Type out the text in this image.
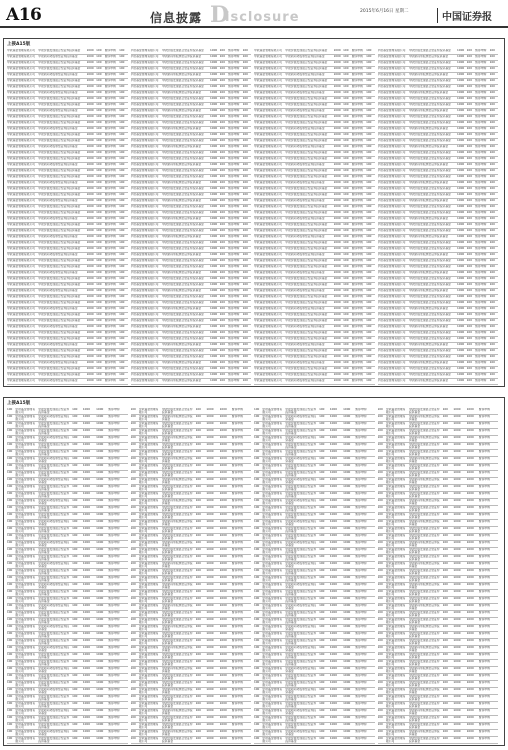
A16	信息披露 D
isclosure	2015年6月16日 星期二
中国证券报
上接A15版
中欧基金管理有限公司	中欧价值发现混合型证券投资基金	1000 100	暂停申购	100
中欧基金管理有限公司	中欧新趋势股票型证券投资基金	1000 100	暂停申购	100
中欧基金管理有限公司	中欧价值发现混合型证券投资基金	1000 100	暂停申购	100
中欧基金管理有限公司	中欧价值发现混合型证券投资基金	1000 100	暂停申购	100
中欧基金管理有限公司	中欧新趋势股票型证券投资基金	1000 100	暂停申购	100
中欧基金管理有限公司	中欧价值发现混合型证券投资基金	1000 100	暂停申购	100
中欧基金管理有限公司	中欧价值发现混合型证券投资基金	1000 100	暂停申购	100
中欧基金管理有限公司	中欧新趋势股票型证券投资基金	1000 100	暂停申购	100
中欧基金管理有限公司	中欧价值发现混合型证券投资基金	1000 100	暂停申购	100
中欧基金管理有限公司	中欧价值发现混合型证券投资基金	1000 100	暂停申购	100
中欧基金管理有限公司	中欧新趋势股票型证券投资基金	1000 100	暂停申购	100
中欧基金管理有限公司	中欧价值发现混合型证券投资基金	1000 100	暂停申购	100
中欧基金管理有限公司	中欧价值发现混合型证券投资基金	1000 100	暂停申购	100
中欧基金管理有限公司	中欧新趋势股票型证券投资基金	1000 100	暂停申购	100
中欧基金管理有限公司	中欧价值发现混合型证券投资基金	1000 100	暂停申购	100
中欧基金管理有限公司	中欧价值发现混合型证券投资基金	1000 100	暂停申购	100
中欧基金管理有限公司	中欧新趋势股票型证券投资基金	1000 100	暂停申购	100
中欧基金管理有限公司	中欧价值发现混合型证券投资基金	1000 100	暂停申购	100
中欧基金管理有限公司	中欧价值发现混合型证券投资基金	1000 100	暂停申购	100
中欧基金管理有限公司	中欧新趋势股票型证券投资基金	1000 100	暂停申购	100
中欧基金管理有限公司	中欧价值发现混合型证券投资基金	1000 100	暂停申购	100
中欧基金管理有限公司	中欧价值发现混合型证券投资基金	1000 100	暂停申购	100
中欧基金管理有限公司	中欧新趋势股票型证券投资基金	1000 100	暂停申购	100
中欧基金管理有限公司	中欧价值发现混合型证券投资基金	1000 100	暂停申购	100
中欧基金管理有限公司	中欧价值发现混合型证券投资基金	1000 100	暂停申购	100
中欧基金管理有限公司	中欧新趋势股票型证券投资基金	1000 100	暂停申购	100
中欧基金管理有限公司	中欧价值发现混合型证券投资基金	1000 100	暂停申购	100
中欧基金管理有限公司	中欧价值发现混合型证券投资基金	1000 100	暂停申购	100
中欧基金管理有限公司	中欧新趋势股票型证券投资基金	1000 100	暂停申购	100
中欧基金管理有限公司	中欧价值发现混合型证券投资基金	1000 100	暂停申购	100
中欧基金管理有限公司	中欧价值发现混合型证券投资基金	1000 100	暂停申购	100
中欧基金管理有限公司	中欧新趋势股票型证券投资基金	1000 100	暂停申购	100
中欧基金管理有限公司	中欧价值发现混合型证券投资基金	1000 100	暂停申购	100
中欧基金管理有限公司	中欧价值发现混合型证券投资基金	1000 100	暂停申购	100
中欧基金管理有限公司	中欧新趋势股票型证券投资基金	1000 100	暂停申购	100
中欧基金管理有限公司	中欧价值发现混合型证券投资基金	1000 100	暂停申购	100
中欧基金管理有限公司	中欧价值发现混合型证券投资基金	1000 100	暂停申购	100
中欧基金管理有限公司	中欧新趋势股票型证券投资基金	1000 100	暂停申购	100
中欧基金管理有限公司	中欧价值发现混合型证券投资基金	1000 100	暂停申购	100
中欧基金管理有限公司	中欧价值发现混合型证券投资基金	1000 100	暂停申购	100
中欧基金管理有限公司	中欧新趋势股票型证券投资基金	1000 100	暂停申购	100
中欧基金管理有限公司	中欧价值发现混合型证券投资基金	1000 100	暂停申购	100
中欧基金管理有限公司	中欧价值发现混合型证券投资基金	1000 100	暂停申购	100
中欧基金管理有限公司	中欧新趋势股票型证券投资基金	1000 100	暂停申购	100
中欧基金管理有限公司	中欧价值发现混合型证券投资基金	1000 100	暂停申购	100
中欧基金管理有限公司	中欧价值发现混合型证券投资基金	1000 100	暂停申购	100
中欧基金管理有限公司	中欧新趋势股票型证券投资基金	1000 100	暂停申购	100
中欧基金管理有限公司	中欧价值发现混合型证券投资基金	1000 100	暂停申购	100
中欧基金管理有限公司	中欧价值发现混合型证券投资基金	1000 100	暂停申购	100
中欧基金管理有限公司	中欧新趋势股票型证券投资基金	1000 100	暂停申购	100
中欧基金管理有限公司	中欧价值发现混合型证券投资基金	1000 100	暂停申购	100
中欧基金管理有限公司	中欧价值发现混合型证券投资基金	1000 100	暂停申购	100
中欧基金管理有限公司	中欧新趋势股票型证券投资基金	1000 100	暂停申购	100
中欧基金管理有限公司	中欧价值发现混合型证券投资基金	1000 100	暂停申购	100
中欧基金管理有限公司	中欧价值发现混合型证券投资基金	1000 100	暂停申购	100
中欧基金管理有限公司	中欧新趋势股票型证券投资基金	1000 100	暂停申购	100
中欧基金管理有限公司	中欧价值发现混合型证券投资基金	1000 100	暂停申购	100
中欧基金管理有限公司	中欧新趋势股票型证券投资基金	1000 100	暂停申购	100
中欧基金管理有限公司	中欧价值发现混合型证券投资基金	1000 100	暂停申购	100
中欧基金管理有限公司	中欧价值发现混合型证券投资基金	1000 100	暂停申购	100
中欧基金管理有限公司	中欧新趋势股票型证券投资基金	1000 100	暂停申购	100
中欧基金管理有限公司	中欧价值发现混合型证券投资基金	1000 100	暂停申购	100
中欧基金管理有限公司	中欧价值发现混合型证券投资基金	1000 100	暂停申购	100
中欧基金管理有限公司	中欧新趋势股票型证券投资基金	1000 100	暂停申购	100
中欧基金管理有限公司	中欧价值发现混合型证券投资基金	1000 100	暂停申购	100
中欧基金管理有限公司	中欧价值发现混合型证券投资基金	1000 100	暂停申购	100
中欧基金管理有限公司	中欧新趋势股票型证券投资基金	1000 100	暂停申购	100
中欧基金管理有限公司	中欧价值发现混合型证券投资基金	1000 100	暂停申购	100
中欧基金管理有限公司	中欧价值发现混合型证券投资基金	1000 100	暂停申购	100
中欧基金管理有限公司	中欧新趋势股票型证券投资基金	1000 100	暂停申购	100
中欧基金管理有限公司	中欧价值发现混合型证券投资基金	1000 100	暂停申购	100
中欧基金管理有限公司	中欧价值发现混合型证券投资基金	1000 100	暂停申购	100
中欧基金管理有限公司	中欧新趋势股票型证券投资基金	1000 100	暂停申购	100
中欧基金管理有限公司	中欧价值发现混合型证券投资基金	1000 100	暂停申购	100
中欧基金管理有限公司	中欧价值发现混合型证券投资基金	1000 100	暂停申购	100
中欧基金管理有限公司	中欧新趋势股票型证券投资基金	1000 100	暂停申购	100
中欧基金管理有限公司	中欧价值发现混合型证券投资基金	1000 100	暂停申购	100
中欧基金管理有限公司	中欧价值发现混合型证券投资基金	1000 100	暂停申购	100
中欧基金管理有限公司	中欧新趋势股票型证券投资基金	1000 100	暂停申购	100
中欧基金管理有限公司	中欧价值发现混合型证券投资基金	1000 100	暂停申购	100
中欧基金管理有限公司	中欧价值发现混合型证券投资基金	1000 100	暂停申购	100
中欧基金管理有限公司	中欧新趋势股票型证券投资基金	1000 100	暂停申购	100
中欧基金管理有限公司	中欧价值发现混合型证券投资基金	1000 100	暂停申购	100
中欧基金管理有限公司	中欧价值发现混合型证券投资基金	1000 100	暂停申购	100
中欧基金管理有限公司	中欧新趋势股票型证券投资基金	1000 100	暂停申购	100
中欧基金管理有限公司	中欧价值发现混合型证券投资基金	1000 100	暂停申购	100
中欧基金管理有限公司	中欧价值发现混合型证券投资基金	1000 100	暂停申购	100
中欧基金管理有限公司	中欧新趋势股票型证券投资基金	1000 100	暂停申购	100
中欧基金管理有限公司	中欧价值发现混合型证券投资基金	1000 100	暂停申购	100
中欧基金管理有限公司	中欧价值发现混合型证券投资基金	1000 100	暂停申购	100
中欧基金管理有限公司	中欧新趋势股票型证券投资基金	1000 100	暂停申购	100
中欧基金管理有限公司	中欧价值发现混合型证券投资基金	1000 100	暂停申购	100
中欧基金管理有限公司	中欧价值发现混合型证券投资基金	1000 100	暂停申购	100
中欧基金管理有限公司	中欧新趋势股票型证券投资基金	1000 100	暂停申购	100
中欧基金管理有限公司	中欧价值发现混合型证券投资基金	1000 100	暂停申购	100
中欧基金管理有限公司	中欧价值发现混合型证券投资基金	1000 100	暂停申购	100
中欧基金管理有限公司	中欧新趋势股票型证券投资基金	1000 100	暂停申购	100
中欧基金管理有限公司	中欧价值发现混合型证券投资基金	1000 100	暂停申购	100
中欧基金管理有限公司	中欧价值发现混合型证券投资基金	1000 100	暂停申购	100
中欧基金管理有限公司	中欧新趋势股票型证券投资基金	1000 100	暂停申购	100
中欧基金管理有限公司	中欧价值发现混合型证券投资基金	1000 100	暂停申购	100
中欧基金管理有限公司	中欧价值发现混合型证券投资基金	1000 100	暂停申购	100
中欧基金管理有限公司	中欧新趋势股票型证券投资基金	1000 100	暂停申购	100
中欧基金管理有限公司	中欧价值发现混合型证券投资基金	1000 100	暂停申购	100
中欧基金管理有限公司	中欧价值发现混合型证券投资基金	1000 100	暂停申购	100
中欧基金管理有限公司	中欧新趋势股票型证券投资基金	1000 100	暂停申购	100
中欧基金管理有限公司	中欧价值发现混合型证券投资基金	1000 100	暂停申购	100
中欧基金管理有限公司	中欧价值发现混合型证券投资基金	1000 100	暂停申购	100
中欧基金管理有限公司	中欧新趋势股票型证券投资基金	1000 100	暂停申购	100
中欧基金管理有限公司	中欧价值发现混合型证券投资基金	1000 100	暂停申购	100
中欧基金管理有限公司	中欧价值发现混合型证券投资基金	1000 100	暂停申购	100
中欧基金管理有限公司	中欧新趋势股票型证券投资基金	1000 100	暂停申购	100
中欧基金管理有限公司	中欧价值发现混合型证券投资基金	1000 100	暂停申购	100
中欧基金管理有限公司	中欧新趋势股票型证券投资基金	1000 100	暂停申购	100
中欧基金管理有限公司	中欧价值发现混合型证券投资基金	1000 100	暂停申购	100
中欧基金管理有限公司	中欧价值发现混合型证券投资基金	1000 100	暂停申购	100
中欧基金管理有限公司	中欧新趋势股票型证券投资基金	1000 100	暂停申购	100
中欧基金管理有限公司	中欧价值发现混合型证券投资基金	1000 100	暂停申购	100
中欧基金管理有限公司	中欧价值发现混合型证券投资基金	1000 100	暂停申购	100
中欧基金管理有限公司	中欧新趋势股票型证券投资基金	1000 100	暂停申购	100
中欧基金管理有限公司	中欧价值发现混合型证券投资基金	1000 100	暂停申购	100
中欧基金管理有限公司	中欧价值发现混合型证券投资基金	1000 100	暂停申购	100
中欧基金管理有限公司	中欧新趋势股票型证券投资基金	1000 100	暂停申购	100
中欧基金管理有限公司	中欧价值发现混合型证券投资基金	1000 100	暂停申购	100
中欧基金管理有限公司	中欧价值发现混合型证券投资基金	1000 100	暂停申购	100
中欧基金管理有限公司	中欧新趋势股票型证券投资基金	1000 100	暂停申购	100
中欧基金管理有限公司	中欧价值发现混合型证券投资基金	1000 100	暂停申购	100
中欧基金管理有限公司	中欧价值发现混合型证券投资基金	1000 100	暂停申购	100
中欧基金管理有限公司	中欧新趋势股票型证券投资基金	1000 100	暂停申购	100
中欧基金管理有限公司	中欧价值发现混合型证券投资基金	1000 100	暂停申购	100
中欧基金管理有限公司	中欧价值发现混合型证券投资基金	1000 100	暂停申购	100
中欧基金管理有限公司	中欧新趋势股票型证券投资基金	1000 100	暂停申购	100
中欧基金管理有限公司	中欧价值发现混合型证券投资基金	1000 100	暂停申购	100
中欧基金管理有限公司	中欧价值发现混合型证券投资基金	1000 100	暂停申购	100
中欧基金管理有限公司	中欧新趋势股票型证券投资基金	1000 100	暂停申购	100
中欧基金管理有限公司	中欧价值发现混合型证券投资基金	1000 100	暂停申购	100
中欧基金管理有限公司	中欧价值发现混合型证券投资基金	1000 100	暂停申购	100
中欧基金管理有限公司	中欧新趋势股票型证券投资基金	1000 100	暂停申购	100
中欧基金管理有限公司	中欧价值发现混合型证券投资基金	1000 100	暂停申购	100
中欧基金管理有限公司	中欧价值发现混合型证券投资基金	1000 100	暂停申购	100
中欧基金管理有限公司	中欧新趋势股票型证券投资基金	1000 100	暂停申购	100
中欧基金管理有限公司	中欧价值发现混合型证券投资基金	1000 100	暂停申购	100
中欧基金管理有限公司	中欧价值发现混合型证券投资基金	1000 100	暂停申购	100
中欧基金管理有限公司	中欧新趋势股票型证券投资基金	1000 100	暂停申购	100
中欧基金管理有限公司	中欧价值发现混合型证券投资基金	1000 100	暂停申购	100
中欧基金管理有限公司	中欧价值发现混合型证券投资基金	1000 100	暂停申购	100
中欧基金管理有限公司	中欧新趋势股票型证券投资基金	1000 100	暂停申购	100
中欧基金管理有限公司	中欧价值发现混合型证券投资基金	1000 100	暂停申购	100
中欧基金管理有限公司	中欧价值发现混合型证券投资基金	1000 100	暂停申购	100
中欧基金管理有限公司	中欧新趋势股票型证券投资基金	1000 100	暂停申购	100
中欧基金管理有限公司	中欧价值发现混合型证券投资基金	1000 100	暂停申购	100
中欧基金管理有限公司	中欧价值发现混合型证券投资基金	1000 100	暂停申购	100
中欧基金管理有限公司	中欧新趋势股票型证券投资基金	1000 100	暂停申购	100
中欧基金管理有限公司	中欧价值发现混合型证券投资基金	1000 100	暂停申购	100
中欧基金管理有限公司	中欧价值发现混合型证券投资基金	1000 100	暂停申购	100
中欧基金管理有限公司	中欧新趋势股票型证券投资基金	1000 100	暂停申购	100
中欧基金管理有限公司	中欧价值发现混合型证券投资基金	1000 100	暂停申购	100
中欧基金管理有限公司	中欧价值发现混合型证券投资基金	1000 100	暂停申购	100
中欧基金管理有限公司	中欧新趋势股票型证券投资基金	1000 100	暂停申购	100
中欧基金管理有限公司	中欧价值发现混合型证券投资基金	1000 100	暂停申购	100
中欧基金管理有限公司	中欧价值发现混合型证券投资基金	1000 100	暂停申购	100
中欧基金管理有限公司	中欧新趋势股票型证券投资基金	1000 100	暂停申购	100
中欧基金管理有限公司	中欧价值发现混合型证券投资基金	1000 100	暂停申购	100
中欧基金管理有限公司	中欧价值发现混合型证券投资基金	1000 100	暂停申购	100
中欧基金管理有限公司	中欧新趋势股票型证券投资基金	1000 100	暂停申购	100
中欧基金管理有限公司	中欧价值发现混合型证券投资基金	1000 100	暂停申购	100
中欧基金管理有限公司	中欧价值发现混合型证券投资基金	1000 100	暂停申购	100
中欧基金管理有限公司	中欧新趋势股票型证券投资基金	1000 100	暂停申购	100
中欧基金管理有限公司	中欧价值发现混合型证券投资基金	1000 100	暂停申购	100
中欧基金管理有限公司	中欧新趋势股票型证券投资基金	1000 100	暂停申购	100
中欧基金管理有限公司	中欧价值发现混合型证券投资基金	1000 100	暂停申购	100
中欧基金管理有限公司	中欧价值发现混合型证券投资基金	1000 100	暂停申购	100
中欧基金管理有限公司	中欧新趋势股票型证券投资基金	1000 100	暂停申购	100
中欧基金管理有限公司	中欧价值发现混合型证券投资基金	1000 100	暂停申购	100
中欧基金管理有限公司	中欧价值发现混合型证券投资基金	1000 100	暂停申购	100
中欧基金管理有限公司	中欧新趋势股票型证券投资基金	1000 100	暂停申购	100
中欧基金管理有限公司	中欧价值发现混合型证券投资基金	1000 100	暂停申购	100
中欧基金管理有限公司	中欧价值发现混合型证券投资基金	1000 100	暂停申购	100
中欧基金管理有限公司	中欧新趋势股票型证券投资基金	1000 100	暂停申购	100
中欧基金管理有限公司	中欧价值发现混合型证券投资基金	1000 100	暂停申购	100
中欧基金管理有限公司	中欧价值发现混合型证券投资基金	1000 100	暂停申购	100
中欧基金管理有限公司	中欧新趋势股票型证券投资基金	1000 100	暂停申购	100
中欧基金管理有限公司	中欧价值发现混合型证券投资基金	1000 100	暂停申购	100
中欧基金管理有限公司	中欧价值发现混合型证券投资基金	1000 100	暂停申购	100
中欧基金管理有限公司	中欧新趋势股票型证券投资基金	1000 100	暂停申购	100
中欧基金管理有限公司	中欧价值发现混合型证券投资基金	1000 100	暂停申购	100
中欧基金管理有限公司	中欧价值发现混合型证券投资基金	1000 100	暂停申购	100
中欧基金管理有限公司	中欧新趋势股票型证券投资基金	1000 100	暂停申购	100
中欧基金管理有限公司	中欧价值发现混合型证券投资基金	1000 100	暂停申购	100
中欧基金管理有限公司	中欧价值发现混合型证券投资基金	1000 100	暂停申购	100
中欧基金管理有限公司	中欧新趋势股票型证券投资基金	1000 100	暂停申购	100
中欧基金管理有限公司	中欧价值发现混合型证券投资基金	1000 100	暂停申购	100
中欧基金管理有限公司	中欧价值发现混合型证券投资基金	1000 100	暂停申购	100
中欧基金管理有限公司	中欧新趋势股票型证券投资基金	1000 100	暂停申购	100
中欧基金管理有限公司	中欧价值发现混合型证券投资基金	1000 100	暂停申购	100
中欧基金管理有限公司	中欧价值发现混合型证券投资基金	1000 100	暂停申购	100
中欧基金管理有限公司	中欧新趋势股票型证券投资基金	1000 100	暂停申购	100
中欧基金管理有限公司	中欧价值发现混合型证券投资基金	1000 100	暂停申购	100
中欧基金管理有限公司	中欧价值发现混合型证券投资基金	1000 100	暂停申购	100
中欧基金管理有限公司	中欧新趋势股票型证券投资基金	1000 100	暂停申购	100
中欧基金管理有限公司	中欧价值发现混合型证券投资基金	1000 100	暂停申购	100
中欧基金管理有限公司	中欧价值发现混合型证券投资基金	1000 100	暂停申购	100
中欧基金管理有限公司	中欧新趋势股票型证券投资基金	1000 100	暂停申购	100
中欧基金管理有限公司	中欧价值发现混合型证券投资基金	1000 100	暂停申购	100
中欧基金管理有限公司	中欧价值发现混合型证券投资基金	1000 100	暂停申购	100
中欧基金管理有限公司	中欧新趋势股票型证券投资基金	1000 100	暂停申购	100
中欧基金管理有限公司	中欧价值发现混合型证券投资基金	1000 100	暂停申购	100
中欧基金管理有限公司	中欧价值发现混合型证券投资基金	1000 100	暂停申购	100
中欧基金管理有限公司	中欧新趋势股票型证券投资基金	1000 100	暂停申购	100
中欧基金管理有限公司	中欧价值发现混合型证券投资基金	1000 100	暂停申购	100
中欧基金管理有限公司	中欧价值发现混合型证券投资基金	1000 100	暂停申购	100
中欧基金管理有限公司	中欧新趋势股票型证券投资基金	1000 100	暂停申购	100
中欧基金管理有限公司	中欧价值发现混合型证券投资基金	1000 100	暂停申购	100
中欧基金管理有限公司	中欧价值发现混合型证券投资基金	1000 100	暂停申购	100
中欧基金管理有限公司	中欧新趋势股票型证券投资基金	1000 100	暂停申购	100
中欧基金管理有限公司	中欧价值发现混合型证券投资基金	1000 100	暂停申购	100
中欧基金管理有限公司	中欧价值发现混合型证券投资基金	1000 100	暂停申购	100
中欧基金管理有限公司	中欧新趋势股票型证券投资基金	1000 100	暂停申购	100
中欧基金管理有限公司	中欧价值发现混合型证券投资基金	1000 100	暂停申购	100
中欧基金管理有限公司	中欧价值发现混合型证券投资基金	1000 100	暂停申购	100
中欧基金管理有限公司	中欧新趋势股票型证券投资基金	1000 100	暂停申购	100
中欧基金管理有限公司	中欧价值发现混合型证券投资基金	1000 100	暂停申购	100
中欧基金管理有限公司	中欧价值发现混合型证券投资基金	1000 100	暂停申购	100
中欧基金管理有限公司	中欧新趋势股票型证券投资基金	1000 100	暂停申购	100
上接A15版
100	中欧基金管理有限公司
中欧价值发现混合型证券投资基金
100	1000	1000	暂停申购
100	中欧基金管理有限公司
中欧新趋势股票型证券投资基金
100	1000	1000	暂停申购
100	中欧基金管理有限公司
中欧价值发现混合型证券投资基金
100	1000	1000	暂停申购
100	中欧基金管理有限公司
中欧价值发现混合型证券投资基金
100	1000	1000	暂停申购
100	中欧基金管理有限公司
中欧新趋势股票型证券投资基金
100	1000	1000	暂停申购
100	中欧基金管理有限公司
中欧价值发现混合型证券投资基金
100	1000	1000	暂停申购
100	中欧基金管理有限公司
中欧价值发现混合型证券投资基金
100	1000	1000	暂停申购
100	中欧基金管理有限公司
中欧新趋势股票型证券投资基金
100	1000	1000	暂停申购
100	中欧基金管理有限公司
中欧价值发现混合型证券投资基金
100	1000	1000	暂停申购
100	中欧基金管理有限公司
中欧价值发现混合型证券投资基金
100	1000	1000	暂停申购
100	中欧基金管理有限公司
中欧新趋势股票型证券投资基金
100	1000	1000	暂停申购
100	中欧基金管理有限公司
中欧价值发现混合型证券投资基金
100	1000	1000	暂停申购
100	中欧基金管理有限公司
中欧价值发现混合型证券投资基金
100	1000	1000	暂停申购
100	中欧基金管理有限公司
中欧新趋势股票型证券投资基金
100	1000	1000	暂停申购
100	中欧基金管理有限公司
中欧价值发现混合型证券投资基金
100	1000	1000	暂停申购
100	中欧基金管理有限公司
中欧价值发现混合型证券投资基金
100	1000	1000	暂停申购
100	中欧基金管理有限公司
中欧新趋势股票型证券投资基金
100	1000	1000	暂停申购
100	中欧基金管理有限公司
中欧价值发现混合型证券投资基金
100	1000	1000	暂停申购
100	中欧基金管理有限公司
中欧价值发现混合型证券投资基金
100	1000	1000	暂停申购
100	中欧基金管理有限公司
中欧新趋势股票型证券投资基金
100	1000	1000	暂停申购
100	中欧基金管理有限公司
中欧价值发现混合型证券投资基金
100	1000	1000	暂停申购
100	中欧基金管理有限公司
中欧价值发现混合型证券投资基金
100	1000	1000	暂停申购
100	中欧基金管理有限公司
中欧新趋势股票型证券投资基金
100	1000	1000	暂停申购
100	中欧基金管理有限公司
中欧价值发现混合型证券投资基金
100	1000	1000	暂停申购
100	中欧基金管理有限公司
中欧价值发现混合型证券投资基金
100	1000	1000	暂停申购
100	中欧基金管理有限公司
中欧新趋势股票型证券投资基金
100	1000	1000	暂停申购
100	中欧基金管理有限公司
中欧价值发现混合型证券投资基金
100	1000	1000	暂停申购
100	中欧基金管理有限公司
中欧价值发现混合型证券投资基金
100	1000	1000	暂停申购
100	中欧基金管理有限公司
中欧新趋势股票型证券投资基金
100	1000	1000	暂停申购
100	中欧基金管理有限公司
中欧价值发现混合型证券投资基金
100	1000	1000	暂停申购
100	中欧基金管理有限公司
中欧价值发现混合型证券投资基金
100	1000	1000	暂停申购
100	中欧基金管理有限公司
中欧新趋势股票型证券投资基金
100	1000	1000	暂停申购
100	中欧基金管理有限公司
中欧价值发现混合型证券投资基金
100	1000	1000	暂停申购
100	中欧基金管理有限公司
中欧价值发现混合型证券投资基金
100	1000	1000	暂停申购
100	中欧基金管理有限公司
中欧新趋势股票型证券投资基金
100	1000	1000	暂停申购
100	中欧基金管理有限公司
中欧价值发现混合型证券投资基金
100	1000	1000	暂停申购
100	中欧基金管理有限公司
中欧价值发现混合型证券投资基金
100	1000	1000	暂停申购
100	中欧基金管理有限公司
中欧新趋势股票型证券投资基金
100	1000	1000	暂停申购
100	中欧基金管理有限公司
中欧价值发现混合型证券投资基金
100	1000	1000	暂停申购
100	中欧基金管理有限公司
中欧价值发现混合型证券投资基金
100	1000	1000	暂停申购
100	中欧基金管理有限公司
中欧新趋势股票型证券投资基金
100	1000	1000	暂停申购
100	中欧基金管理有限公司
中欧价值发现混合型证券投资基金
100	1000	1000	暂停申购
100	中欧基金管理有限公司
中欧价值发现混合型证券投资基金
100	1000	1000	暂停申购
100	中欧基金管理有限公司
中欧新趋势股票型证券投资基金
100	1000	1000	暂停申购
100	中欧基金管理有限公司
中欧价值发现混合型证券投资基金
100	1000	1000	暂停申购
100	中欧基金管理有限公司
中欧价值发现混合型证券投资基金
100	1000	1000	暂停申购
100	中欧基金管理有限公司
中欧新趋势股票型证券投资基金
100	1000	1000	暂停申购
100	中欧基金管理有限公司
中欧价值发现混合型证券投资基金
100	1000	1000	暂停申购
100	中欧基金管理有限公司
中欧价值发现混合型证券投资基金
100	1000	1000	暂停申购
100	中欧基金管理有限公司
中欧新趋势股票型证券投资基金
100	1000	1000	暂停申购
100	中欧基金管理有限公司
中欧价值发现混合型证券投资基金
100	1000	1000	暂停申购
100	中欧基金管理有限公司
中欧价值发现混合型证券投资基金
100	1000	1000	暂停申购
100	中欧基金管理有限公司
中欧新趋势股票型证券投资基金
100	1000	1000	暂停申购
100	中欧基金管理有限公司
中欧价值发现混合型证券投资基金
100	1000	1000	暂停申购
100	中欧基金管理有限公司
中欧价值发现混合型证券投资基金
100	1000	1000	暂停申购
100	中欧基金管理有限公司
中欧新趋势股票型证券投资基金
100	1000	1000	暂停申购
100	中欧基金管理有限公司
中欧价值发现混合型证券投资基金
100	1000	1000	暂停申购
100	中欧基金管理有限公司
中欧价值发现混合型证券投资基金
100	1000	1000	暂停申购
100	中欧基金管理有限公司
中欧新趋势股票型证券投资基金
100	1000	1000	暂停申购
100	中欧基金管理有限公司
中欧价值发现混合型证券投资基金
100	1000	1000	暂停申购
100	中欧基金管理有限公司
中欧价值发现混合型证券投资基金
100	1000	1000	暂停申购
100	中欧基金管理有限公司
中欧新趋势股票型证券投资基金
100	1000	1000	暂停申购
100	中欧基金管理有限公司
中欧价值发现混合型证券投资基金
100	1000	1000	暂停申购
100	中欧基金管理有限公司
中欧价值发现混合型证券投资基金
100	1000	1000	暂停申购
100	中欧基金管理有限公司
中欧新趋势股票型证券投资基金
100	1000	1000	暂停申购
100	中欧基金管理有限公司
中欧价值发现混合型证券投资基金
100	1000	1000	暂停申购
100	中欧基金管理有限公司
中欧价值发现混合型证券投资基金
100	1000	1000	暂停申购
100	中欧基金管理有限公司
中欧新趋势股票型证券投资基金
100	1000	1000	暂停申购
100	中欧基金管理有限公司
中欧价值发现混合型证券投资基金
100	1000	1000	暂停申购
100	中欧基金管理有限公司
中欧价值发现混合型证券投资基金
100	1000	1000	暂停申购
100	中欧基金管理有限公司
中欧新趋势股票型证券投资基金
100	1000	1000	暂停申购
100	中欧基金管理有限公司
中欧价值发现混合型证券投资基金
100	1000	1000	暂停申购
100	中欧基金管理有限公司
中欧价值发现混合型证券投资基金
100	1000	1000	暂停申购
100	中欧基金管理有限公司
中欧新趋势股票型证券投资基金
100	1000	1000	暂停申购
100	中欧基金管理有限公司
中欧价值发现混合型证券投资基金
100	1000	1000	暂停申购
100	中欧基金管理有限公司
中欧价值发现混合型证券投资基金
100	1000	1000	暂停申购
100	中欧基金管理有限公司
中欧新趋势股票型证券投资基金
100	1000	1000	暂停申购
100	中欧基金管理有限公司
中欧价值发现混合型证券投资基金
100	1000	1000	暂停申购
100	中欧基金管理有限公司
中欧价值发现混合型证券投资基金
100	1000	1000	暂停申购
100	中欧基金管理有限公司
中欧新趋势股票型证券投资基金
100	1000	1000	暂停申购
100	中欧基金管理有限公司
中欧价值发现混合型证券投资基金
100	1000	1000	暂停申购
100	中欧基金管理有限公司
中欧价值发现混合型证券投资基金
100	1000	1000	暂停申购
100	中欧基金管理有限公司
中欧新趋势股票型证券投资基金
100	1000	1000	暂停申购
100	中欧基金管理有限公司
中欧价值发现混合型证券投资基金
100	1000	1000	暂停申购
100	中欧基金管理有限公司
中欧价值发现混合型证券投资基金
100	1000	1000	暂停申购
100	中欧基金管理有限公司
中欧新趋势股票型证券投资基金
100	1000	1000	暂停申购
100	中欧基金管理有限公司
中欧价值发现混合型证券投资基金
100	1000	1000	暂停申购
100	中欧基金管理有限公司
中欧价值发现混合型证券投资基金
100	1000	1000	暂停申购
100	中欧基金管理有限公司
中欧新趋势股票型证券投资基金
100	1000	1000	暂停申购
100	中欧基金管理有限公司
中欧价值发现混合型证券投资基金
100	1000	1000	暂停申购
100	中欧基金管理有限公司
中欧价值发现混合型证券投资基金
100	1000	1000	暂停申购
100	中欧基金管理有限公司
中欧新趋势股票型证券投资基金
100	1000	1000	暂停申购
100	中欧基金管理有限公司
中欧价值发现混合型证券投资基金
100	1000	1000	暂停申购
100	中欧基金管理有限公司
中欧价值发现混合型证券投资基金
100	1000	1000	暂停申购
100	中欧基金管理有限公司
中欧新趋势股票型证券投资基金
100	1000	1000	暂停申购
100	中欧基金管理有限公司
中欧价值发现混合型证券投资基金
100	1000	1000	暂停申购
100	中欧基金管理有限公司
中欧价值发现混合型证券投资基金
100	1000	1000	暂停申购
100	中欧基金管理有限公司
中欧新趋势股票型证券投资基金
100	1000	1000	暂停申购
100	中欧基金管理有限公司
中欧价值发现混合型证券投资基金
100	1000	1000	暂停申购
100	中欧基金管理有限公司
中欧价值发现混合型证券投资基金
100	1000	1000	暂停申购
100	中欧基金管理有限公司
中欧新趋势股票型证券投资基金
100	1000	1000	暂停申购
100	中欧基金管理有限公司
中欧价值发现混合型证券投资基金
100	1000	1000	暂停申购
100	中欧基金管理有限公司
中欧价值发现混合型证券投资基金
100	1000	1000	暂停申购
100	中欧基金管理有限公司
中欧新趋势股票型证券投资基金
100	1000	1000	暂停申购
100	中欧基金管理有限公司
中欧价值发现混合型证券投资基金
100	1000	1000	暂停申购
100	中欧基金管理有限公司
中欧价值发现混合型证券投资基金
100	1000	1000	暂停申购
100	中欧基金管理有限公司
中欧新趋势股票型证券投资基金
100	1000	1000	暂停申购
100	中欧基金管理有限公司
中欧价值发现混合型证券投资基金
100	1000	1000	暂停申购
100	中欧基金管理有限公司
中欧价值发现混合型证券投资基金
100	1000	1000	暂停申购
100	中欧基金管理有限公司
中欧新趋势股票型证券投资基金
100	1000	1000	暂停申购
100	中欧基金管理有限公司
中欧价值发现混合型证券投资基金
100	1000	1000	暂停申购
100	中欧基金管理有限公司
中欧价值发现混合型证券投资基金
100	1000	1000	暂停申购
100	中欧基金管理有限公司
中欧新趋势股票型证券投资基金
100	1000	1000	暂停申购
100	中欧基金管理有限公司
中欧价值发现混合型证券投资基金
100	1000	1000	暂停申购
100	中欧基金管理有限公司
中欧价值发现混合型证券投资基金
100	1000	1000	暂停申购
100	中欧基金管理有限公司
中欧新趋势股票型证券投资基金
100	1000	1000	暂停申购
100	中欧基金管理有限公司
中欧价值发现混合型证券投资基金
100	1000	1000	暂停申购
100	中欧基金管理有限公司
中欧价值发现混合型证券投资基金
100	1000	1000	暂停申购
100	中欧基金管理有限公司
中欧新趋势股票型证券投资基金
100	1000	1000	暂停申购
100	中欧基金管理有限公司
中欧价值发现混合型证券投资基金
100	1000	1000	暂停申购
100	中欧基金管理有限公司
中欧价值发现混合型证券投资基金
100	1000	1000	暂停申购
100	中欧基金管理有限公司
中欧新趋势股票型证券投资基金
100	1000	1000	暂停申购
100	中欧基金管理有限公司
中欧价值发现混合型证券投资基金
100	1000	1000	暂停申购
100	中欧基金管理有限公司
中欧价值发现混合型证券投资基金
100	1000	1000	暂停申购
100	中欧基金管理有限公司
中欧新趋势股票型证券投资基金
100	1000	1000	暂停申购
100	中欧基金管理有限公司
中欧价值发现混合型证券投资基金
100	1000	1000	暂停申购
100	中欧基金管理有限公司
中欧价值发现混合型证券投资基金
100	1000	1000	暂停申购
100	中欧基金管理有限公司
中欧新趋势股票型证券投资基金
100	1000	1000	暂停申购
100	中欧基金管理有限公司
中欧价值发现混合型证券投资基金
100	1000	1000	暂停申购
100	中欧基金管理有限公司
中欧价值发现混合型证券投资基金
100	1000	1000	暂停申购
100	中欧基金管理有限公司
中欧新趋势股票型证券投资基金
100	1000	1000	暂停申购
100	中欧基金管理有限公司
中欧价值发现混合型证券投资基金
100	1000	1000	暂停申购
100	中欧基金管理有限公司
中欧价值发现混合型证券投资基金
100	1000	1000	暂停申购
100	中欧基金管理有限公司
中欧新趋势股票型证券投资基金
100	1000	1000	暂停申购
100	中欧基金管理有限公司
中欧价值发现混合型证券投资基金
100	1000	1000	暂停申购
100	中欧基金管理有限公司
中欧价值发现混合型证券投资基金
100	1000	1000	暂停申购
100	中欧基金管理有限公司
中欧新趋势股票型证券投资基金
100	1000	1000	暂停申购
100	中欧基金管理有限公司
中欧价值发现混合型证券投资基金
100	1000	1000	暂停申购
100	中欧基金管理有限公司
中欧价值发现混合型证券投资基金
100	1000	1000	暂停申购
100	中欧基金管理有限公司
中欧新趋势股票型证券投资基金
100	1000	1000	暂停申购
100	中欧基金管理有限公司
中欧价值发现混合型证券投资基金
100	1000	1000	暂停申购
100	中欧基金管理有限公司
中欧价值发现混合型证券投资基金
100	1000	1000	暂停申购
100	中欧基金管理有限公司
中欧新趋势股票型证券投资基金
100	1000	1000	暂停申购
100	中欧基金管理有限公司
中欧价值发现混合型证券投资基金
100	1000	1000	暂停申购
100	中欧基金管理有限公司
中欧价值发现混合型证券投资基金
100	1000	1000	暂停申购
100	中欧基金管理有限公司
中欧新趋势股票型证券投资基金
100	1000	1000	暂停申购
100	中欧基金管理有限公司
中欧价值发现混合型证券投资基金
100	1000	1000	暂停申购
100	中欧基金管理有限公司
中欧价值发现混合型证券投资基金
100	1000	1000	暂停申购
100	中欧基金管理有限公司
中欧新趋势股票型证券投资基金
100	1000	1000	暂停申购
100	中欧基金管理有限公司
中欧价值发现混合型证券投资基金
100	1000	1000	暂停申购
100	中欧基金管理有限公司
中欧价值发现混合型证券投资基金
100	1000	1000	暂停申购
100	中欧基金管理有限公司
中欧新趋势股票型证券投资基金
100	1000	1000	暂停申购
100	中欧基金管理有限公司
中欧价值发现混合型证券投资基金
100	1000	1000	暂停申购
100	中欧基金管理有限公司
中欧价值发现混合型证券投资基金
100	1000	1000	暂停申购
100	中欧基金管理有限公司
中欧新趋势股票型证券投资基金
100	1000	1000	暂停申购
100	中欧基金管理有限公司
中欧价值发现混合型证券投资基金
100	1000	1000	暂停申购
100	中欧基金管理有限公司
中欧价值发现混合型证券投资基金
100	1000	1000	暂停申购
100	中欧基金管理有限公司
中欧新趋势股票型证券投资基金
100	1000	1000	暂停申购
100	中欧基金管理有限公司
中欧价值发现混合型证券投资基金
100	1000	1000	暂停申购
100	中欧基金管理有限公司
中欧价值发现混合型证券投资基金
100	1000	1000	暂停申购
100	中欧基金管理有限公司
中欧新趋势股票型证券投资基金
100	1000	1000	暂停申购
100	中欧基金管理有限公司
中欧价值发现混合型证券投资基金
100	1000	1000	暂停申购
100	中欧基金管理有限公司
中欧价值发现混合型证券投资基金
100	1000	1000	暂停申购
100	中欧基金管理有限公司
中欧新趋势股票型证券投资基金
100	1000	1000	暂停申购
100	中欧基金管理有限公司
中欧价值发现混合型证券投资基金
100	1000	1000	暂停申购
100	中欧基金管理有限公司
中欧价值发现混合型证券投资基金
100	1000	1000	暂停申购
100	中欧基金管理有限公司
中欧新趋势股票型证券投资基金
100	1000	1000	暂停申购
100	中欧基金管理有限公司
中欧价值发现混合型证券投资基金
100	1000	1000	暂停申购
100	中欧基金管理有限公司
中欧价值发现混合型证券投资基金
100	1000	1000	暂停申购
100	中欧基金管理有限公司
中欧新趋势股票型证券投资基金
100	1000	1000	暂停申购
100	中欧基金管理有限公司
中欧价值发现混合型证券投资基金
100	1000	1000	暂停申购
100	中欧基金管理有限公司
中欧价值发现混合型证券投资基金
100	1000	1000	暂停申购
100	中欧基金管理有限公司
中欧新趋势股票型证券投资基金
100	1000	1000	暂停申购
100	中欧基金管理有限公司
中欧价值发现混合型证券投资基金
100	1000	1000	暂停申购
100	中欧基金管理有限公司
中欧价值发现混合型证券投资基金
100	1000	1000	暂停申购
100	中欧基金管理有限公司
中欧新趋势股票型证券投资基金
100	1000	1000	暂停申购
100	中欧基金管理有限公司
中欧价值发现混合型证券投资基金
100	1000	1000	暂停申购
100	中欧基金管理有限公司
中欧价值发现混合型证券投资基金
100	1000	1000	暂停申购
100	中欧基金管理有限公司
中欧新趋势股票型证券投资基金
100	1000	1000	暂停申购
100	中欧基金管理有限公司
中欧价值发现混合型证券投资基金
100	1000	1000	暂停申购
100	中欧基金管理有限公司
中欧价值发现混合型证券投资基金
100	1000	1000	暂停申购
100	中欧基金管理有限公司
中欧新趋势股票型证券投资基金
100	1000	1000	暂停申购
100	中欧基金管理有限公司
中欧价值发现混合型证券投资基金
100	1000	1000	暂停申购
100	中欧基金管理有限公司
中欧价值发现混合型证券投资基金
100	1000	1000	暂停申购
100	中欧基金管理有限公司
中欧新趋势股票型证券投资基金
100	1000	1000	暂停申购
100	中欧基金管理有限公司
中欧价值发现混合型证券投资基金
100	1000	1000	暂停申购
100	中欧基金管理有限公司
中欧价值发现混合型证券投资基金
100	1000	1000	暂停申购
100	中欧基金管理有限公司
中欧新趋势股票型证券投资基金
100	1000	1000	暂停申购
100	中欧基金管理有限公司
中欧价值发现混合型证券投资基金
100	1000	1000	暂停申购
100	中欧基金管理有限公司
中欧价值发现混合型证券投资基金
100	1000	1000	暂停申购
100	中欧基金管理有限公司
中欧新趋势股票型证券投资基金
100	1000	1000	暂停申购
100	中欧基金管理有限公司
中欧价值发现混合型证券投资基金
100	1000	1000	暂停申购
